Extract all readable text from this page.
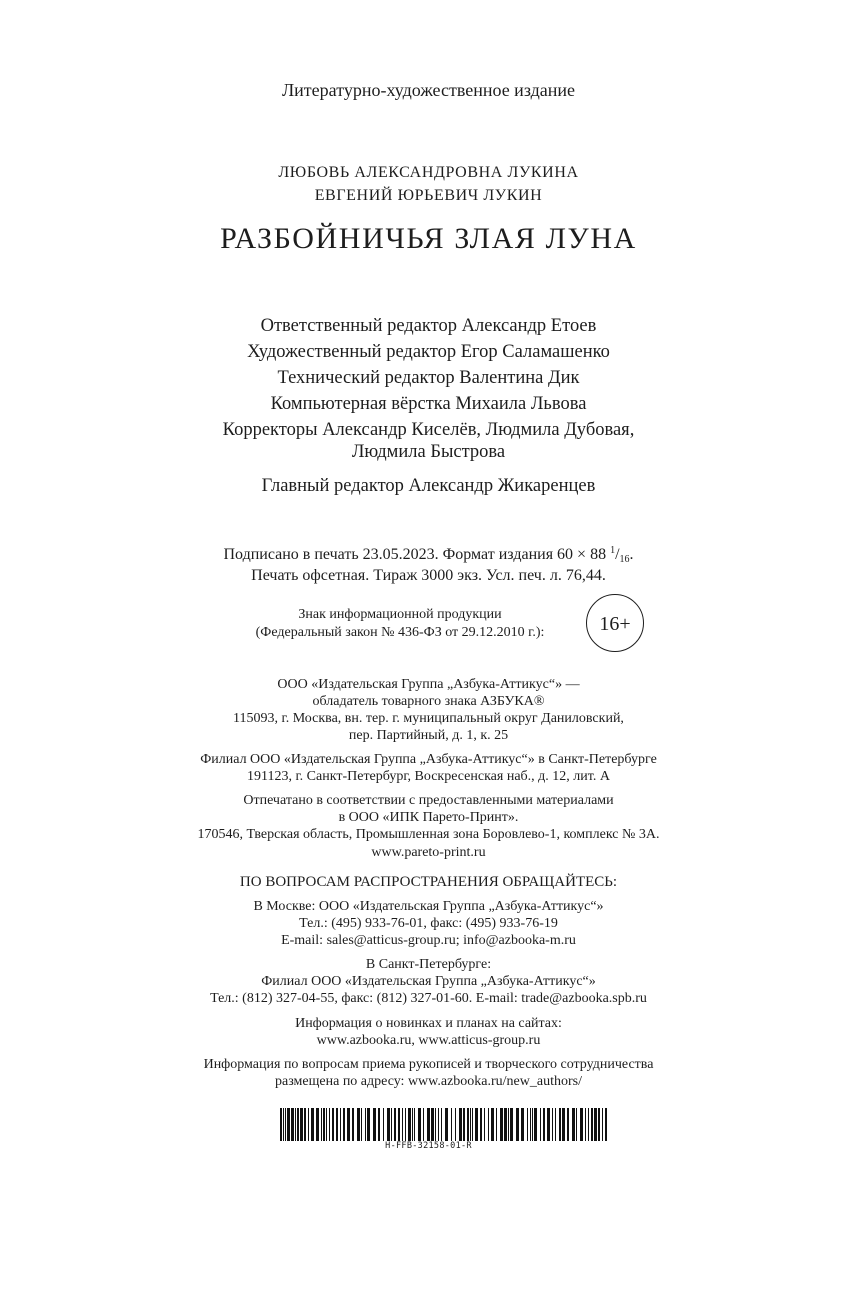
Литературно-художественное издание
ЛЮБОВЬ АЛЕКСАНДРОВНА ЛУКИНА
ЕВГЕНИЙ ЮРЬЕВИЧ ЛУКИН
РАЗБОЙНИЧЬЯ ЗЛАЯ ЛУНА
Ответственный редактор Александр Етоев
Художественный редактор Егор Саламашенко
Технический редактор Валентина Дик
Компьютерная вёрстка Михаила Львова
Корректоры Александр Киселёв, Людмила Дубовая,
Людмила Быстрова
Главный редактор Александр Жикаренцев
Подписано в печать 23.05.2023. Формат издания 60 × 88 $^1/_{16}$.
Печать офсетная. Тираж 3000 экз. Усл. печ. л. 76,44.
Знак информационной продукции
(Федеральный закон № 436-ФЗ от 29.12.2010 г.):	16+
ООО «Издательская Группа „Азбука-Аттикус“» —
обладатель товарного знака АЗБУКА®
115093, г. Москва, вн. тер. г. муниципальный округ Даниловский,
пер. Партийный, д. 1, к. 25
Филиал ООО «Издательская Группа „Азбука-Аттикус“» в Санкт-Петербурге
191123, г. Санкт-Петербург, Воскресенская наб., д. 12, лит. А
Отпечатано в соответствии с предоставленными материалами
в ООО «ИПК Парето-Принт».
170546, Тверская область, Промышленная зона Боровлево-1, комплекс № 3А.
www.pareto-print.ru
ПО ВОПРОСАМ РАСПРОСТРАНЕНИЯ ОБРАЩАЙТЕСЬ:
В Москве: ООО «Издательская Группа „Азбука-Аттикус“»
Тел.: (495) 933-76-01, факс: (495) 933-76-19
E-mail: sales@atticus-group.ru; info@azbooka-m.ru
В Санкт-Петербурге:
Филиал ООО «Издательская Группа „Азбука-Аттикус“»
Тел.: (812) 327-04-55, факс: (812) 327-01-60. E-mail: trade@azbooka.spb.ru
Информация о новинках и планах на сайтах:
www.azbooka.ru, www.atticus-group.ru
Информация по вопросам приема рукописей и творческого сотрудничества
размещена по адресу: www.azbooka.ru/new_authors/
H-FFB-32158-01-R
